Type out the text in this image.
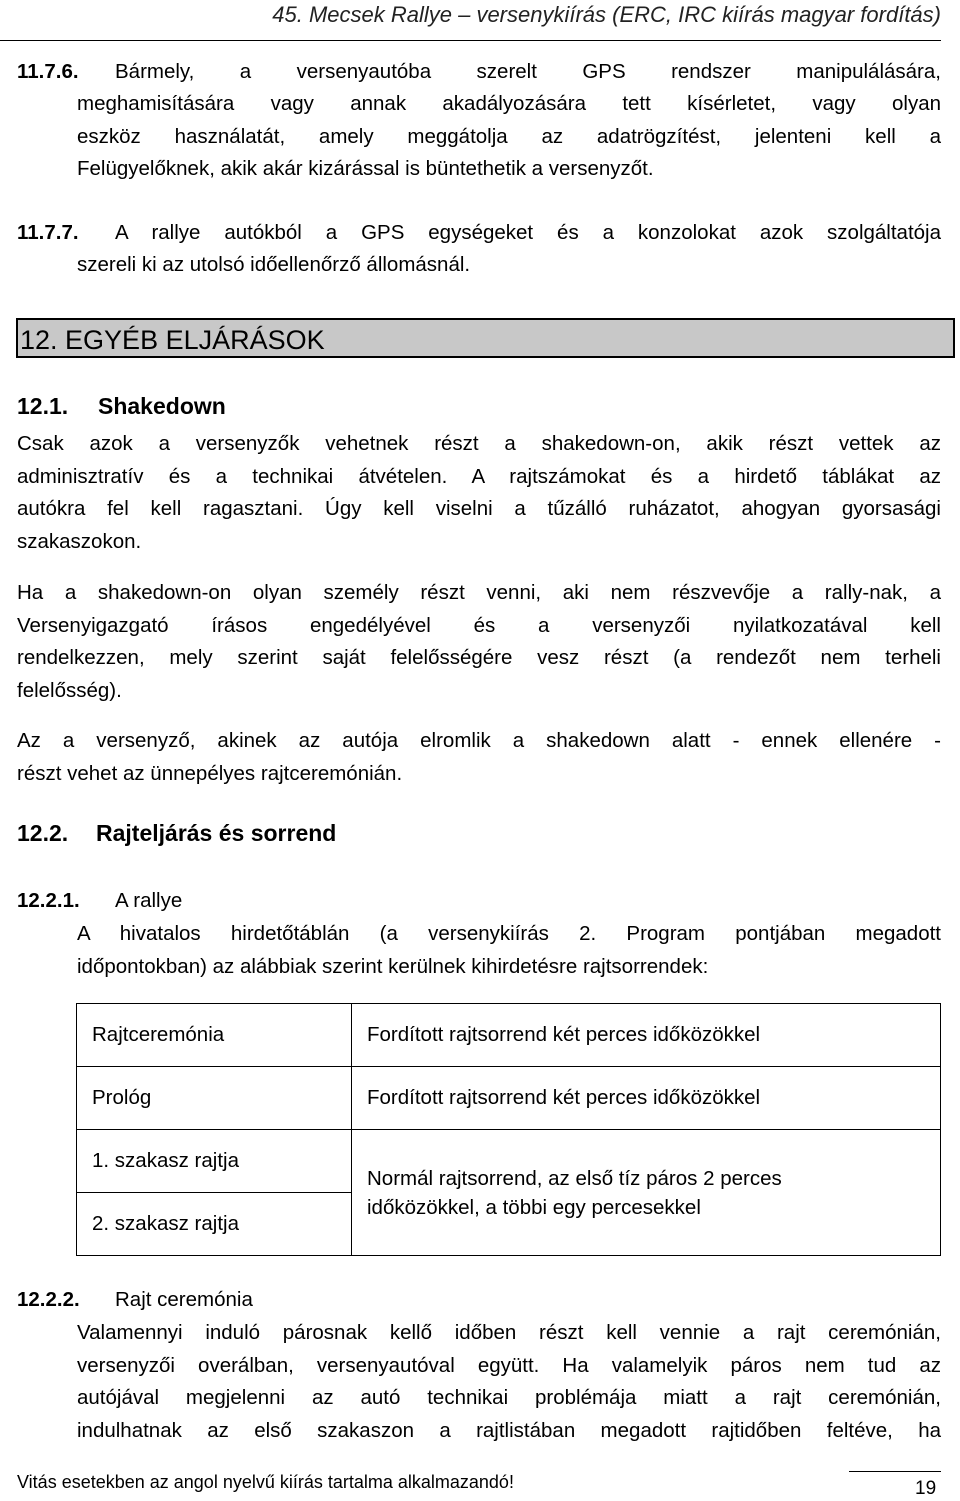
45. Mecsek Rallye – versenykiírás (ERC, IRC kiírás magyar fordítás)
11.7.6. Bármely, a versenyautóba szerelt GPS rendszer manipulálására,
meghamisítására vagy annak akadályozására tett kísérletet, vagy olyan
eszköz használatát, amely meggátolja az adatrögzítést, jelenteni kell a
Felügyelőknek, akik akár kizárással is büntethetik a versenyzőt.
11.7.7. A rallye autókból a GPS egységeket és a konzolokat azok szolgáltatója
szereli ki az utolsó időellenőrző állomásnál.
12. EGYÉB ELJÁRÁSOK
12.1. Shakedown
Csak azok a versenyzők vehetnek részt a shakedown-on, akik részt vettek az
adminisztratív és a technikai átvételen. A rajtszámokat és a hirdető táblákat az
autókra fel kell ragasztani. Úgy kell viselni a tűzálló ruházatot, ahogyan gyorsasági
szakaszokon.
Ha a shakedown-on olyan személy részt venni, aki nem részvevője a rally-nak, a
Versenyigazgató írásos engedélyével és a versenyzői nyilatkozatával kell
rendelkezzen, mely szerint saját felelősségére vesz részt (a rendezőt nem terheli
felelősség).
Az a versenyző, akinek az autója elromlik a shakedown alatt - ennek ellenére -
részt vehet az ünnepélyes rajtceremónián.
12.2. Rajteljárás és sorrend
12.2.1. A rallye
A hivatalos hirdetőtáblán (a versenykiírás 2. Program pontjában megadott
időpontokban) az alábbiak szerint kerülnek kihirdetésre rajtsorrendek:
Rajtceremónia	Fordított rajtsorrend két perces időközökkel
Prológ	Fordított rajtsorrend két perces időközökkel
1. szakasz rajtja	Normál rajtsorrend, az első tíz páros 2 perces
időközökkel, a többi egy percesekkel

2. szakasz rajtja	
12.2.2. Rajt ceremónia
Valamennyi induló párosnak kellő időben részt kell vennie a rajt ceremónián,
versenyzői overálban, versenyautóval együtt. Ha valamelyik páros nem tud az
autójával megjelenni az autó technikai problémája miatt a rajt ceremónián,
indulhatnak az első szakaszon a rajtlistában megadott rajtidőben feltéve, ha
Vitás esetekben az angol nyelvű kiírás tartalma alkalmazandó!	19
